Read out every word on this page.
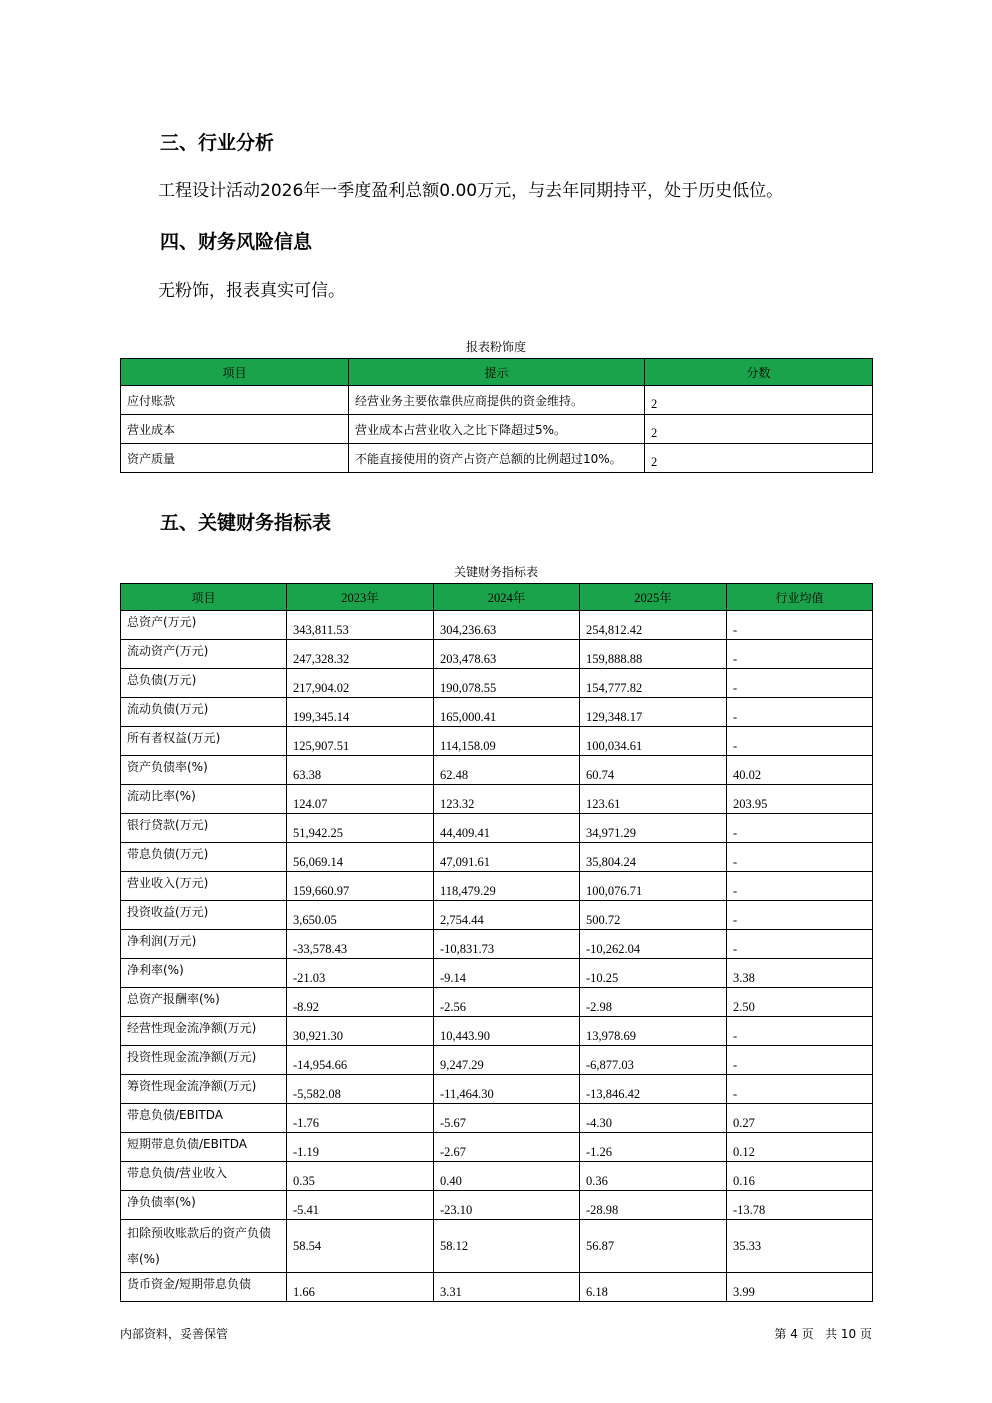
三、行业分析

工程设计活动2026年一季度盈利总额0.00万元，与去年同期持平，处于历史低位。

四、财务风险信息

无粉饰，报表真实可信。

报表粉饰度
项目	提示	分数
应付账款	经营业务主要依靠供应商提供的资金维持。	2
营业成本	营业成本占营业收入之比下降超过5%。	2
资产质量	不能直接使用的资产占资产总额的比例超过10%。	2
五、关键财务指标表
关键财务指标表
项目	2023年	2024年	2025年	行业均值
总资产(万元)	343,811.53	304,236.63	254,812.42	-
流动资产(万元)	247,328.32	203,478.63	159,888.88	-
总负债(万元)	217,904.02	190,078.55	154,777.82	-
流动负债(万元)	199,345.14	165,000.41	129,348.17	-
所有者权益(万元)	125,907.51	114,158.09	100,034.61	-
资产负债率(%)	63.38	62.48	60.74	40.02
流动比率(%)	124.07	123.32	123.61	203.95
银行贷款(万元)	51,942.25	44,409.41	34,971.29	-
带息负债(万元)	56,069.14	47,091.61	35,804.24	-
营业收入(万元)	159,660.97	118,479.29	100,076.71	-
投资收益(万元)	3,650.05	2,754.44	500.72	-
净利润(万元)	-33,578.43	-10,831.73	-10,262.04	-
净利率(%)	-21.03	-9.14	-10.25	3.38
总资产报酬率(%)	-8.92	-2.56	-2.98	2.50
经营性现金流净额(万元)	30,921.30	10,443.90	13,978.69	-
投资性现金流净额(万元)	-14,954.66	9,247.29	-6,877.03	-
筹资性现金流净额(万元)	-5,582.08	-11,464.30	-13,846.42	-
带息负债/EBITDA	-1.76	-5.67	-4.30	0.27
短期带息负债/EBITDA	-1.19	-2.67	-1.26	0.12
带息负债/营业收入	0.35	0.40	0.36	0.16
净负债率(%)	-5.41	-23.10	-28.98	-13.78
扣除预收账款后的资产负债率(%)	58.54	58.12	56.87	35.33
货币资金/短期带息负债	1.66	3.31	6.18	3.99
内部资料，妥善保管	第 4 页   共 10 页
